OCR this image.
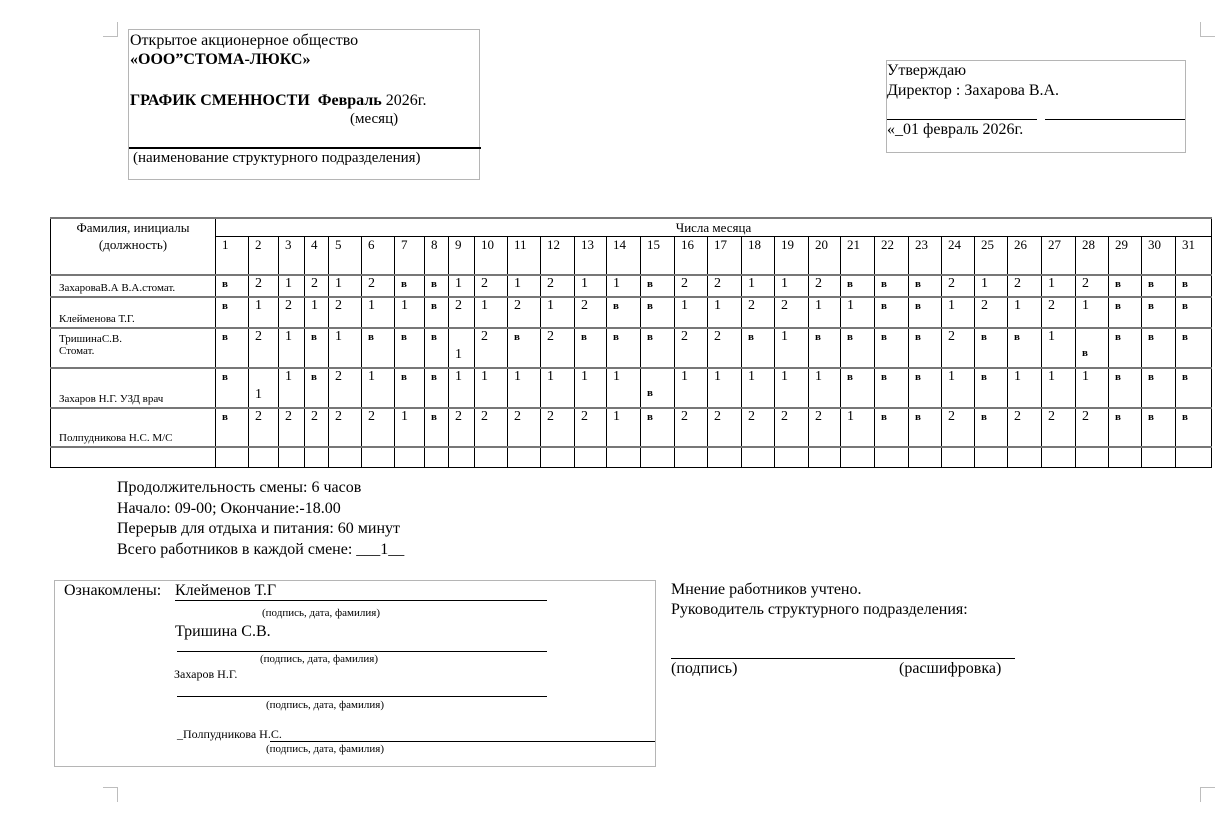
Открытое акционерное общество
«ООО”СТОМА-ЛЮКС»
ГРАФИК СМЕННОСТИ Февраль 2026г.
(месяц)
(наименование структурного подразделения)
Утверждаю
Директор : Захарова В.А.
«_01 февраль 2026г.
Фамилия, инициалы
(должность)	Числа месяца																														
	1	2	3	4	5	6	7	8	9	10	11	12	13	14	15	16	17	18	19	20	21	22	23	24	25	26	27	28	29	30	31

ЗахароваВ.А В.А.стомат.	в	2	1	2	1	2	в	в	1	2	1	2	1	1	в	2	2	1	1	2	в	в	в	2	1	2	1	2	в	в	в

Клейменова Т.Г.	в	1	2	1	2	1	1	в	2	1	2	1	2	в	в	1	1	2	2	1	1	в	в	1	2	1	2	1	в	в	в

ТришинаС.В.
Стомат.	в	2	1	в	1	в	в	в	1	2	в	2	в	в	в	2	2	в	1	в	в	в	в	2	в	в	1	в	в	в	в

Захаров Н.Г. УЗД врач	в	1	1	в	2	1	в	в	1	1	1	1	1	1	в	1	1	1	1	1	в	в	в	1	в	1	1	1	в	в	в

Полпудникова Н.С. М/С	в	2	2	2	2	2	1	в	2	2	2	2	2	1	в	2	2	2	2	2	1	в	в	2	в	2	2	2	в	в	в

Продолжительность смены: 6 часов
Начало: 09-00; Окончание:-18.00
Перерыв для отдыха и питания: 60 минут
Всего работников в каждой смене: ___1__
Ознакомлены: Клейменов Т.Г
(подпись, дата, фамилия)
Тришина С.В.
(подпись, дата, фамилия)
Захаров Н.Г.
(подпись, дата, фамилия)
_Полпудникова Н.С.
(подпись, дата, фамилия)
Мнение работников учтено.
Руководитель структурного подразделения:
(подпись)	(расшифровка)
